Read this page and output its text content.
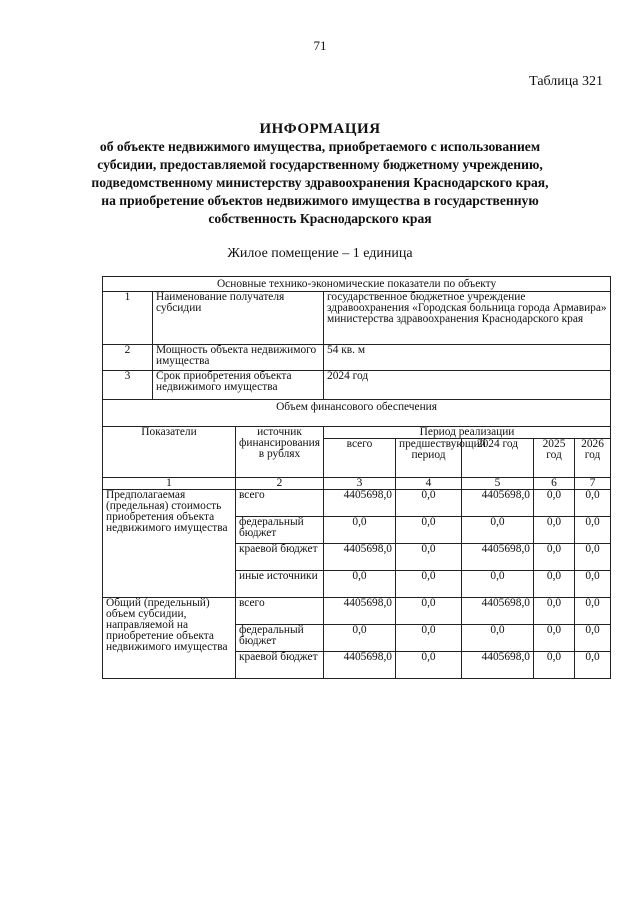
71
Таблица 321
ИНФОРМАЦИЯ
об объекте недвижимого имущества, приобретаемого с использованием
субсидии, предоставляемой государственному бюджетному учреждению,
подведомственному министерству здравоохранения Краснодарского края,
на приобретение объектов недвижимого имущества в государственную
собственность Краснодарского края
Жилое помещение – 1 единица
Основные технико-экономические показатели по объекту							
1	Наименование получателя субсидии		государственное бюджетное учреждение здравоохранения «Городская больница города Армавира» министерства здравоохранения Краснодарского края				
2	Мощность объекта недвижимого имущества		54 кв. м				
3	Срок приобретения объекта недвижимого имущества		2024 год				
Объем финансового обеспечения							
Показатели		источник финансирования в рублях	Период реализации				
			всего	предшествующий период	2024 год	2025 год	2026 год
1		2	3	4	5	6	7
Предполагаемая (предельная) стоимость приобретения объекта недвижимого имущества		всего	4405698,0	0,0	4405698,0	0,0	0,0
		федеральный бюджет	0,0	0,0	0,0	0,0	0,0
		краевой бюджет	4405698,0	0,0	4405698,0	0,0	0,0
		иные источники	0,0	0,0	0,0	0,0	0,0
Общий (предельный) объем субсидии, направляемой на приобретение объекта недвижимого имущества		всего	4405698,0	0,0	4405698,0	0,0	0,0
		федеральный бюджет	0,0	0,0	0,0	0,0	0,0
		краевой бюджет	4405698,0	0,0	4405698,0	0,0	0,0
